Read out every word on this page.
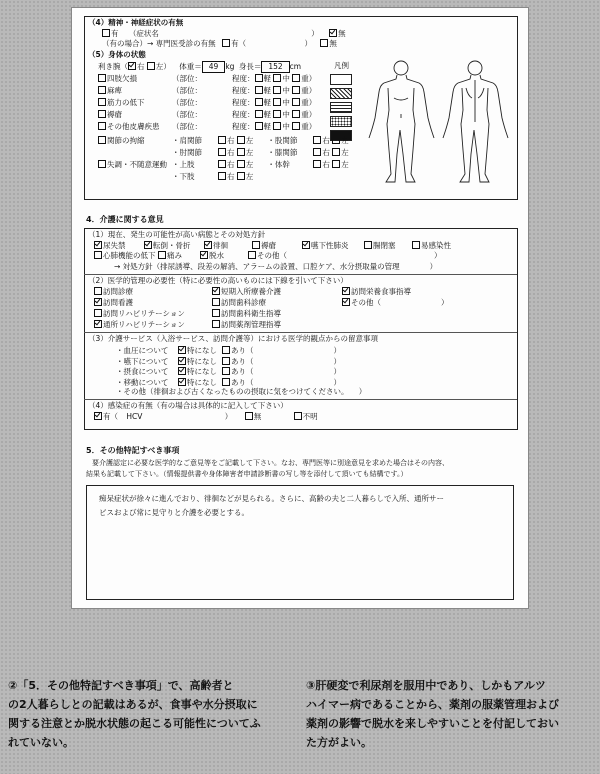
（4）精神・神経症状の有無
有 （症状名	）	無
（有の場合）→ 専門医受診の有無 有（	） 無
（5）身体の状態
利き腕（ 右 左） 体重＝ 49 kg 身長＝ 152 cm	凡例
四肢欠損	（部位：	程度： 軽 中 重）
麻痺	（部位：	程度： 軽 中 重）
筋力の低下	（部位：	程度： 軽 中 重）
褥瘡	（部位：	程度： 軽 中 重）
その他皮膚疾患 （部位：	程度： 軽 中 重）
関節の拘縮	・肩関節	右 左 ・股関節	右 左
・肘関節	右 左 ・膝関節	右 左
失調・不随意運動 ・上肢	右 左 ・体幹	右 左
・下肢	右 左
4．介護に関する意見
（1）現在、発生の可能性が高い病態とその対処方針
尿失禁	転倒・骨折	徘徊	褥瘡	嚥下性肺炎	腸閉塞	易感染性
心肺機能の低下 痛み	脱水	その他（	）
→ 対処方針（排尿誘導、段差の解消、アラームの設置、口腔ケア、水分摂取量の管理	）
（2）医学的管理の必要性（特に必要性の高いものには下線を引いて下さい）
訪問診療	短期入所療養介護	訪問栄養食事指導
訪問看護	訪問歯科診療	その他（	）
訪問リハビリテーション	訪問歯科衛生指導
通所リハビリテーション	訪問薬剤管理指導
（3）介護サービス（入浴サービス、訪問介護等）における医学的観点からの留意事項
・血圧について 特になし あり（	）
・嚥下について 特になし あり（	）
・摂食について 特になし あり（	）
・移動について 特になし あり（	）
・その他（徘徊および古くなったものの摂取に気をつけてください。 ）
（4）感染症の有無（有の場合は具体的に記入して下さい）
有（ HCV	）	無	不明
5．その他特記すべき事項
要介護認定に必要な医学的なご意見等をご記載して下さい。なお、専門医等に別途意見を求めた場合はその内容、
結果も記載して下さい。（情報提供書や身体障害者申請診断書の写し等を添付して頂いても結構です。）
痴呆症状が徐々に進んでおり、徘徊などが見られる。さらに、高齢の夫と二人暮らしで入所、通所サー
ビスおよび常に見守りと介護を必要とする。

②「5．その他特記すべき事項」で、高齢者と

の2人暮らしとの記載はあるが、食事や水分摂取に

関する注意とか脱水状態の起こる可能性についてふ

れていない。

③肝硬変で利尿剤を服用中であり、しかもアルツ

ハイマー病であることから、薬剤の服薬管理および

薬剤の影響で脱水を来しやすいことを付記しておい

た方がよい。
